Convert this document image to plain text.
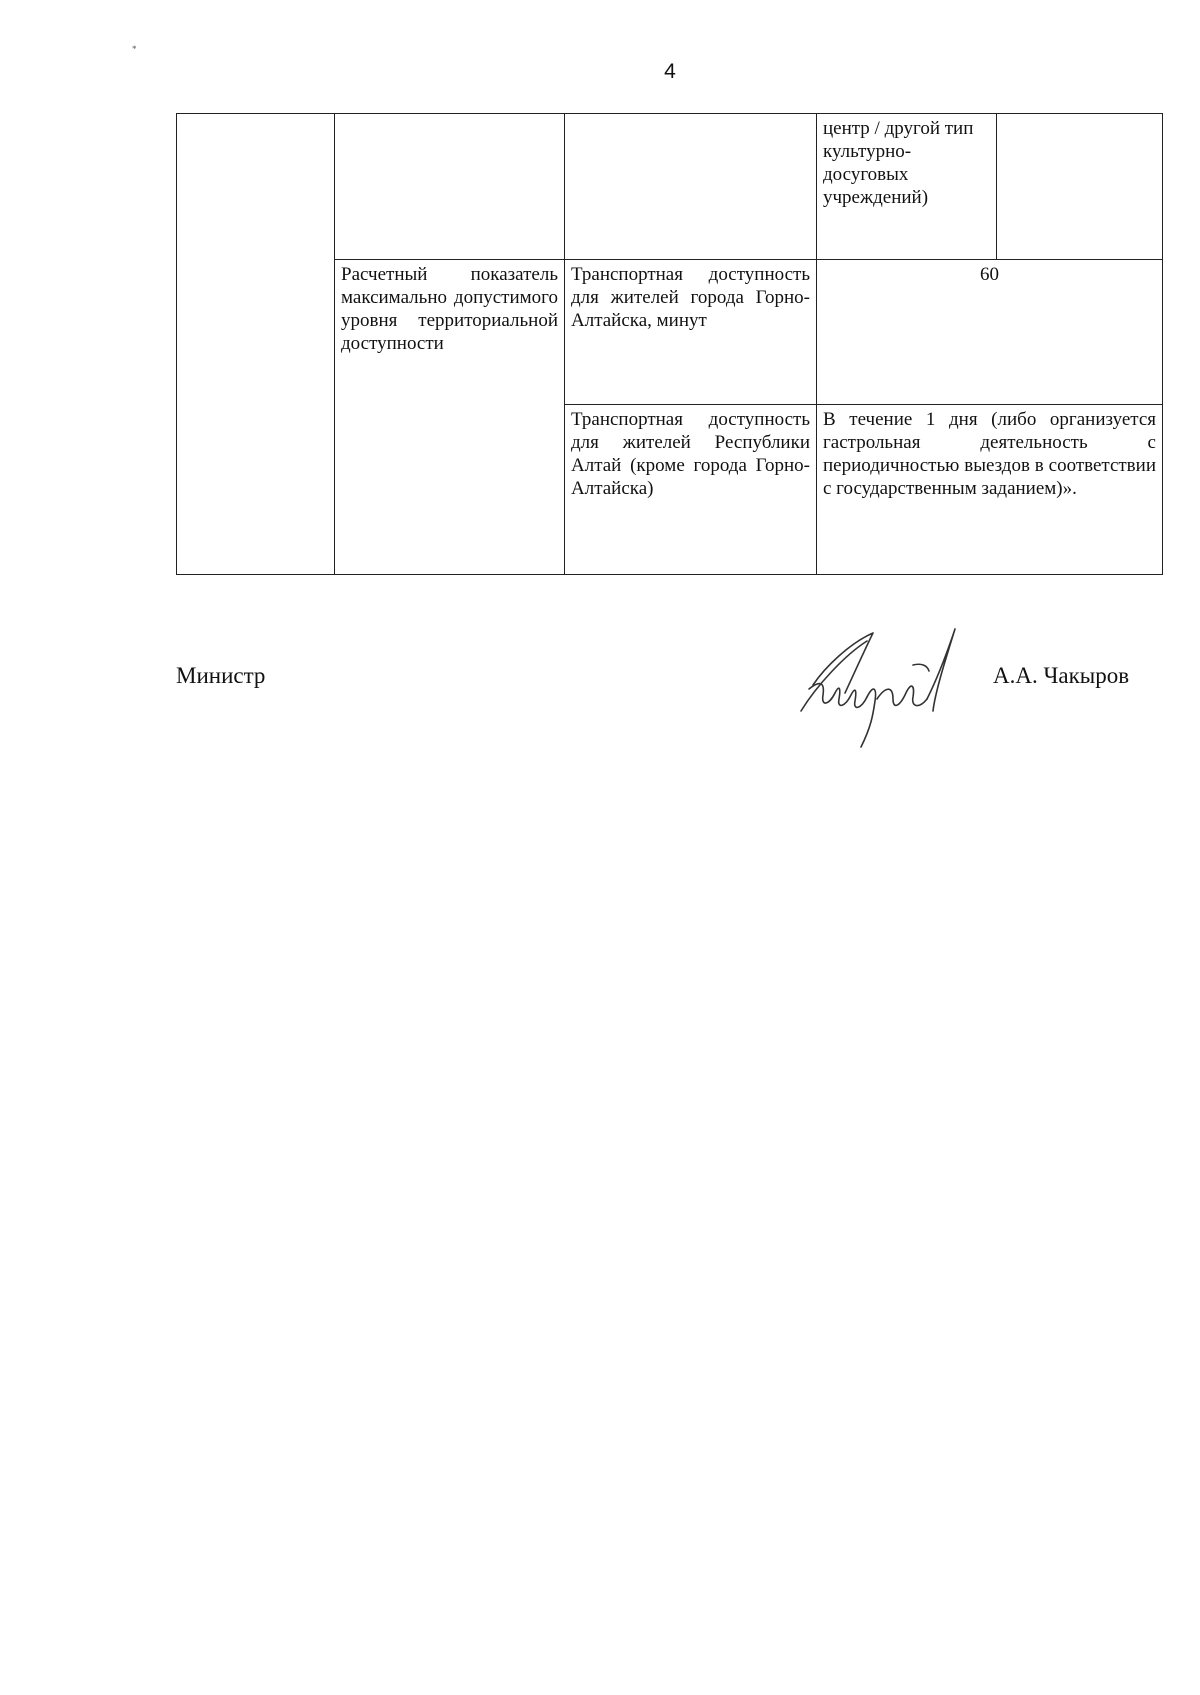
*
4
			центр / другой тип культурно-досуговых учреждений)	
	Расчетный показатель максимально допустимого уровня территориальной доступности	Транспортная доступность для жителей города Горно-Алтайска, минут	60	
		Транспортная доступность для жителей Республики Алтай (кроме города Горно-Алтайска)	В течение 1 дня (либо организуется гастрольная деятельность с периодичностью выездов в соответствии с государственным заданием)».	
Министр	А.А. Чакыров
